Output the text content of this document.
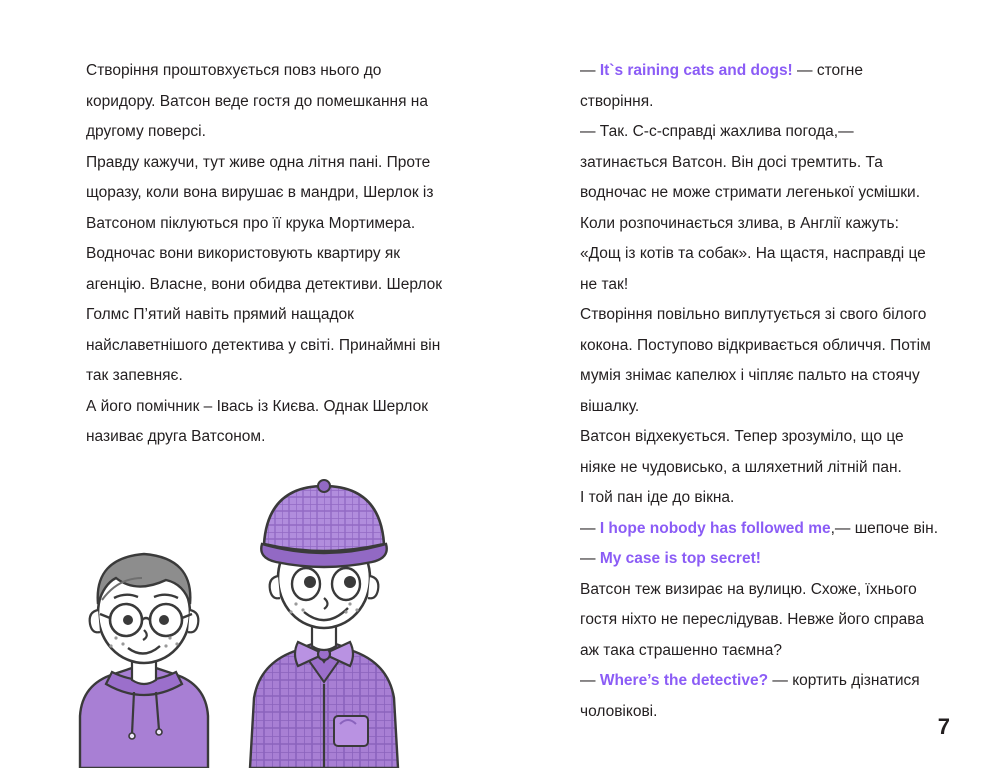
Створіння проштовхується повз нього до коридору. Ватсон веде гостя до помешкання на другому поверсі.

Правду кажучи, тут живе одна літня пані. Проте щоразу, коли вона вирушає в мандри, Шерлок із Ватсоном піклуються про її крука Мортимера.

Водночас вони використовують квартиру як агенцію. Власне, вони обидва детективи. Шерлок Голмс П’ятий навіть прямий нащадок найславетнішого детектива у світі. Принаймні він так запевняє.

А його помічник – Івась із Києва. Однак Шерлок називає друга Ватсоном.

— It`s raining cats and dogs! — стогне створіння.

— Так. С-с-справді жахлива погода,— затинається Ватсон. Він досі тремтить. Та водночас не може стримати легенької усмішки. Коли розпочинається злива, в Англії кажуть: «Дощ із котів та собак». На щастя, насправді це не так!

Створіння повільно виплутується зі свого білого кокона. Поступово відкривається обличчя. Потім мумія знімає капелюх і чіпляє пальто на стоячу вішалку.

Ватсон відхекується. Тепер зрозуміло, що це ніяке не чудовисько, а шляхетний літній пан.

І той пан іде до вікна.

— I hope nobody has followed me,— шепоче він.— My case is top secret!

Ватсон теж визирає на вулицю. Схоже, їхнього гостя ніхто не переслідував. Невже його справа аж така страшенно таємна?

— Where’s the detective? — кортить дізнатися чоловікові.

7
